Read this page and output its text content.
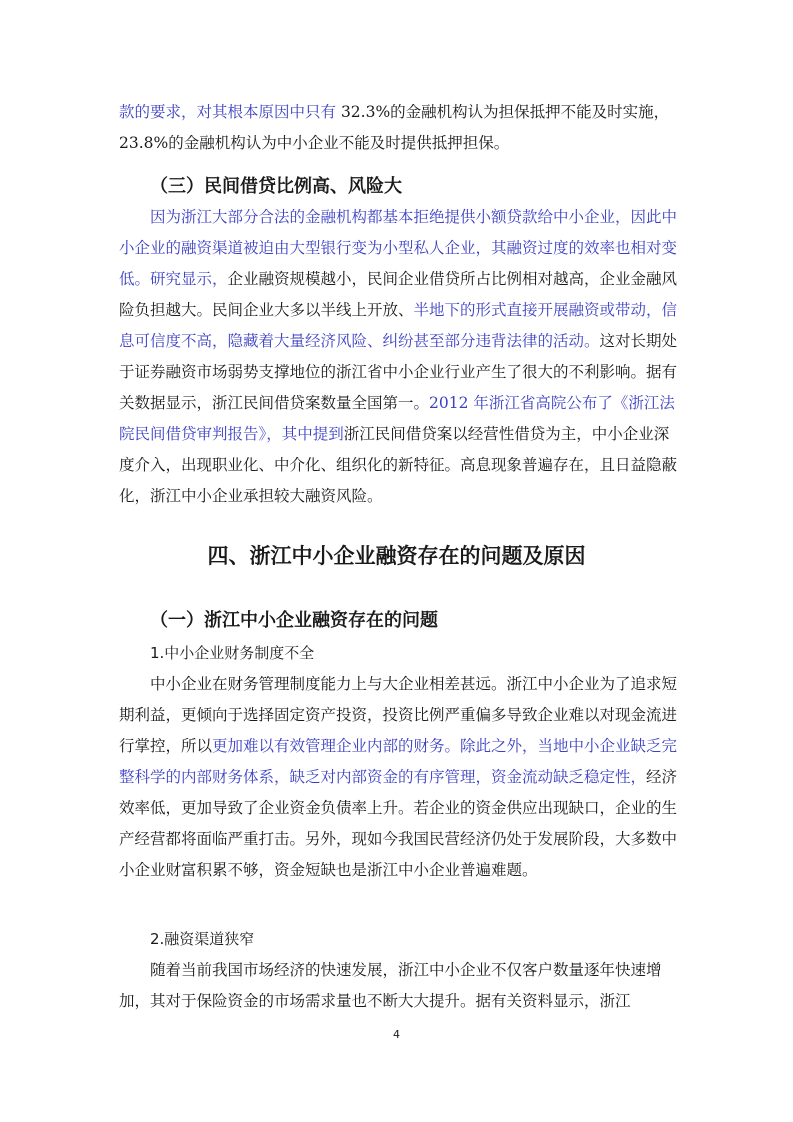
款的要求，对其根本原因中只有 32.3%的金融机构认为担保抵押不能及时实施，23.8%的金融机构认为中小企业不能及时提供抵押担保。

（三）民间借贷比例高、风险大

因为浙江大部分合法的金融机构都基本拒绝提供小额贷款给中小企业，因此中小企业的融资渠道被迫由大型银行变为小型私人企业，其融资过度的效率也相对变低。研究显示，企业融资规模越小，民间企业借贷所占比例相对越高，企业金融风险负担越大。民间企业大多以半线上开放、半地下的形式直接开展融资或带动，信息可信度不高，隐藏着大量经济风险、纠纷甚至部分违背法律的活动。这对长期处于证券融资市场弱势支撑地位的浙江省中小企业行业产生了很大的不利影响。据有关数据显示，浙江民间借贷案数量全国第一。2012 年浙江省高院公布了《浙江法院民间借贷审判报告》，其中提到浙江民间借贷案以经营性借贷为主，中小企业深度介入，出现职业化、中介化、组织化的新特征。高息现象普遍存在，且日益隐蔽化，浙江中小企业承担较大融资风险。

四、浙江中小企业融资存在的问题及原因
（一）浙江中小企业融资存在的问题
1.中小企业财务制度不全

中小企业在财务管理制度能力上与大企业相差甚远。浙江中小企业为了追求短期利益，更倾向于选择固定资产投资，投资比例严重偏多导致企业难以对现金流进行掌控，所以更加难以有效管理企业内部的财务。除此之外，当地中小企业缺乏完整科学的内部财务体系，缺乏对内部资金的有序管理，资金流动缺乏稳定性，经济效率低，更加导致了企业资金负债率上升。若企业的资金供应出现缺口，企业的生产经营都将面临严重打击。另外，现如今我国民营经济仍处于发展阶段，大多数中小企业财富积累不够，资金短缺也是浙江中小企业普遍难题。

2.融资渠道狭窄

随着当前我国市场经济的快速发展，浙江中小企业不仅客户数量逐年快速增加，其对于保险资金的市场需求量也不断大大提升。据有关资料显示，浙江

4
